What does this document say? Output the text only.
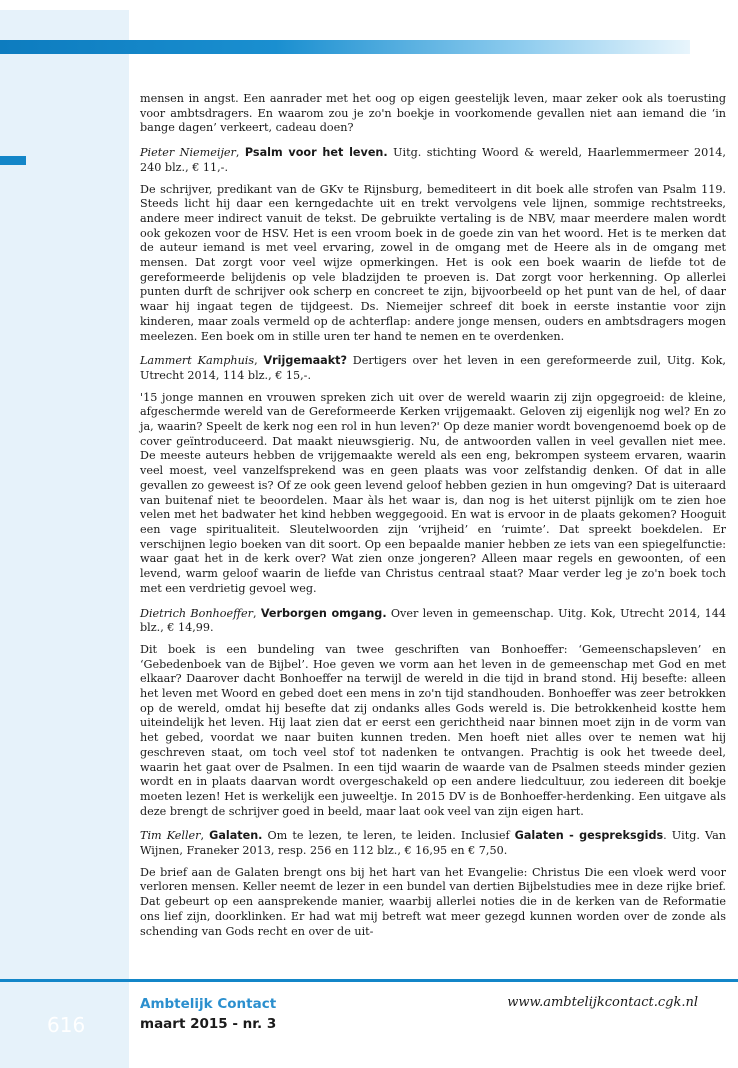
mensen in angst. Een aanrader met het oog op eigen geestelijk leven, maar zeker ook als toerusting voor ambtsdragers. En waarom zou je zo'n boekje in voorkomende gevallen niet aan iemand die ‘in bange dagen’ verkeert, cadeau doen?

Pieter Niemeijer, Psalm voor het leven. Uitg. stichting Woord & wereld, Haarlemmermeer 2014, 240 blz., € 11,-.

De schrijver, predikant van de GKv te Rijnsburg, bemediteert in dit boek alle strofen van Psalm 119. Steeds licht hij daar een kerngedachte uit en trekt vervolgens vele lijnen, sommige rechtstreeks, andere meer indirect vanuit de tekst. De gebruikte vertaling is de NBV, maar meerdere malen wordt ook gekozen voor de HSV. Het is een vroom boek in de goede zin van het woord. Het is te merken dat de auteur iemand is met veel ervaring, zowel in de omgang met de Heere als in de omgang met mensen. Dat zorgt voor veel wijze opmerkingen. Het is ook een boek waarin de liefde tot de gereformeerde belijdenis op vele bladzijden te proeven is. Dat zorgt voor herkenning. Op allerlei punten durft de schrijver ook scherp en concreet te zijn, bijvoorbeeld op het punt van de hel, of daar waar hij ingaat tegen de tijdgeest. Ds. Niemeijer schreef dit boek in eerste instantie voor zijn kinderen, maar zoals vermeld op de achterflap: andere jonge mensen, ouders en ambtsdragers mogen meelezen. Een boek om in stille uren ter hand te nemen en te overdenken.

Lammert Kamphuis, Vrijgemaakt? Dertigers over het leven in een gereformeerde zuil, Uitg. Kok, Utrecht 2014, 114 blz., € 15,-.

'15 jonge mannen en vrouwen spreken zich uit over de wereld waarin zij zijn opgegroeid: de kleine, afgeschermde wereld van de Gereformeerde Kerken vrijgemaakt. Geloven zij eigenlijk nog wel? En zo ja, waarin? Speelt de kerk nog een rol in hun leven?' Op deze manier wordt bovengenoemd boek op de cover geïntroduceerd. Dat maakt nieuwsgierig. Nu, de antwoorden vallen in veel gevallen niet mee. De meeste auteurs hebben de vrijgemaakte wereld als een eng, bekrompen systeem ervaren, waarin veel moest, veel vanzelfsprekend was en geen plaats was voor zelfstandig denken. Of dat in alle gevallen zo geweest is? Of ze ook geen levend geloof hebben gezien in hun omgeving? Dat is uiteraard van buitenaf niet te beoordelen. Maar àls het waar is, dan nog is het uiterst pijnlijk om te zien hoe velen met het badwater het kind hebben weggegooid. En wat is ervoor in de plaats gekomen? Hooguit een vage spiritualiteit. Sleutelwoorden zijn ‘vrijheid’ en ‘ruimte’. Dat spreekt boekdelen. Er verschijnen legio boeken van dit soort. Op een bepaalde manier hebben ze iets van een spiegelfunctie: waar gaat het in de kerk over? Wat zien onze jongeren? Alleen maar regels en gewoonten, of een levend, warm geloof waarin de liefde van Christus centraal staat? Maar verder leg je zo'n boek toch met een verdrietig gevoel weg.

Dietrich Bonhoeffer, Verborgen omgang. Over leven in gemeenschap. Uitg. Kok, Utrecht 2014, 144 blz., € 14,99.

Dit boek is een bundeling van twee geschriften van Bonhoeffer: ‘Gemeenschapsleven’ en ‘Gebedenboek van de Bijbel’. Hoe geven we vorm aan het leven in de gemeenschap met God en met elkaar? Daarover dacht Bonhoeffer na terwijl de wereld in die tijd in brand stond. Hij besefte: alleen het leven met Woord en gebed doet een mens in zo'n tijd standhouden. Bonhoeffer was zeer betrokken op de wereld, omdat hij besefte dat zij ondanks alles Gods wereld is. Die betrokkenheid kostte hem uiteindelijk het leven. Hij laat zien dat er eerst een gerichtheid naar binnen moet zijn in de vorm van het gebed, voordat we naar buiten kunnen treden. Men hoeft niet alles over te nemen wat hij geschreven staat, om toch veel stof tot nadenken te ontvangen. Prachtig is ook het tweede deel, waarin het gaat over de Psalmen. In een tijd waarin de waarde van de Psalmen steeds minder gezien wordt en in plaats daarvan wordt overgeschakeld op een andere liedcultuur, zou iedereen dit boekje moeten lezen! Het is werkelijk een juweeltje. In 2015 DV is de Bonhoeffer-herdenking. Een uitgave als deze brengt de schrijver goed in beeld, maar laat ook veel van zijn eigen hart.

Tim Keller, Galaten. Om te lezen, te leren, te leiden. Inclusief Galaten - gespreksgids. Uitg. Van Wijnen, Franeker 2013, resp. 256 en 112 blz., € 16,95 en € 7,50.

De brief aan de Galaten brengt ons bij het hart van het Evangelie: Christus Die een vloek werd voor verloren mensen. Keller neemt de lezer in een bundel van dertien Bijbelstudies mee in deze rijke brief. Dat gebeurt op een aansprekende manier, waarbij allerlei noties die in de kerken van de Reformatie ons lief zijn, doorklinken. Er had wat mij betreft wat meer gezegd kunnen worden over de zonde als schending van Gods recht en over de uit-

616
Ambtelijk Contact
maart 2015 - nr. 3
www.ambtelijkcontact.cgk.nl
